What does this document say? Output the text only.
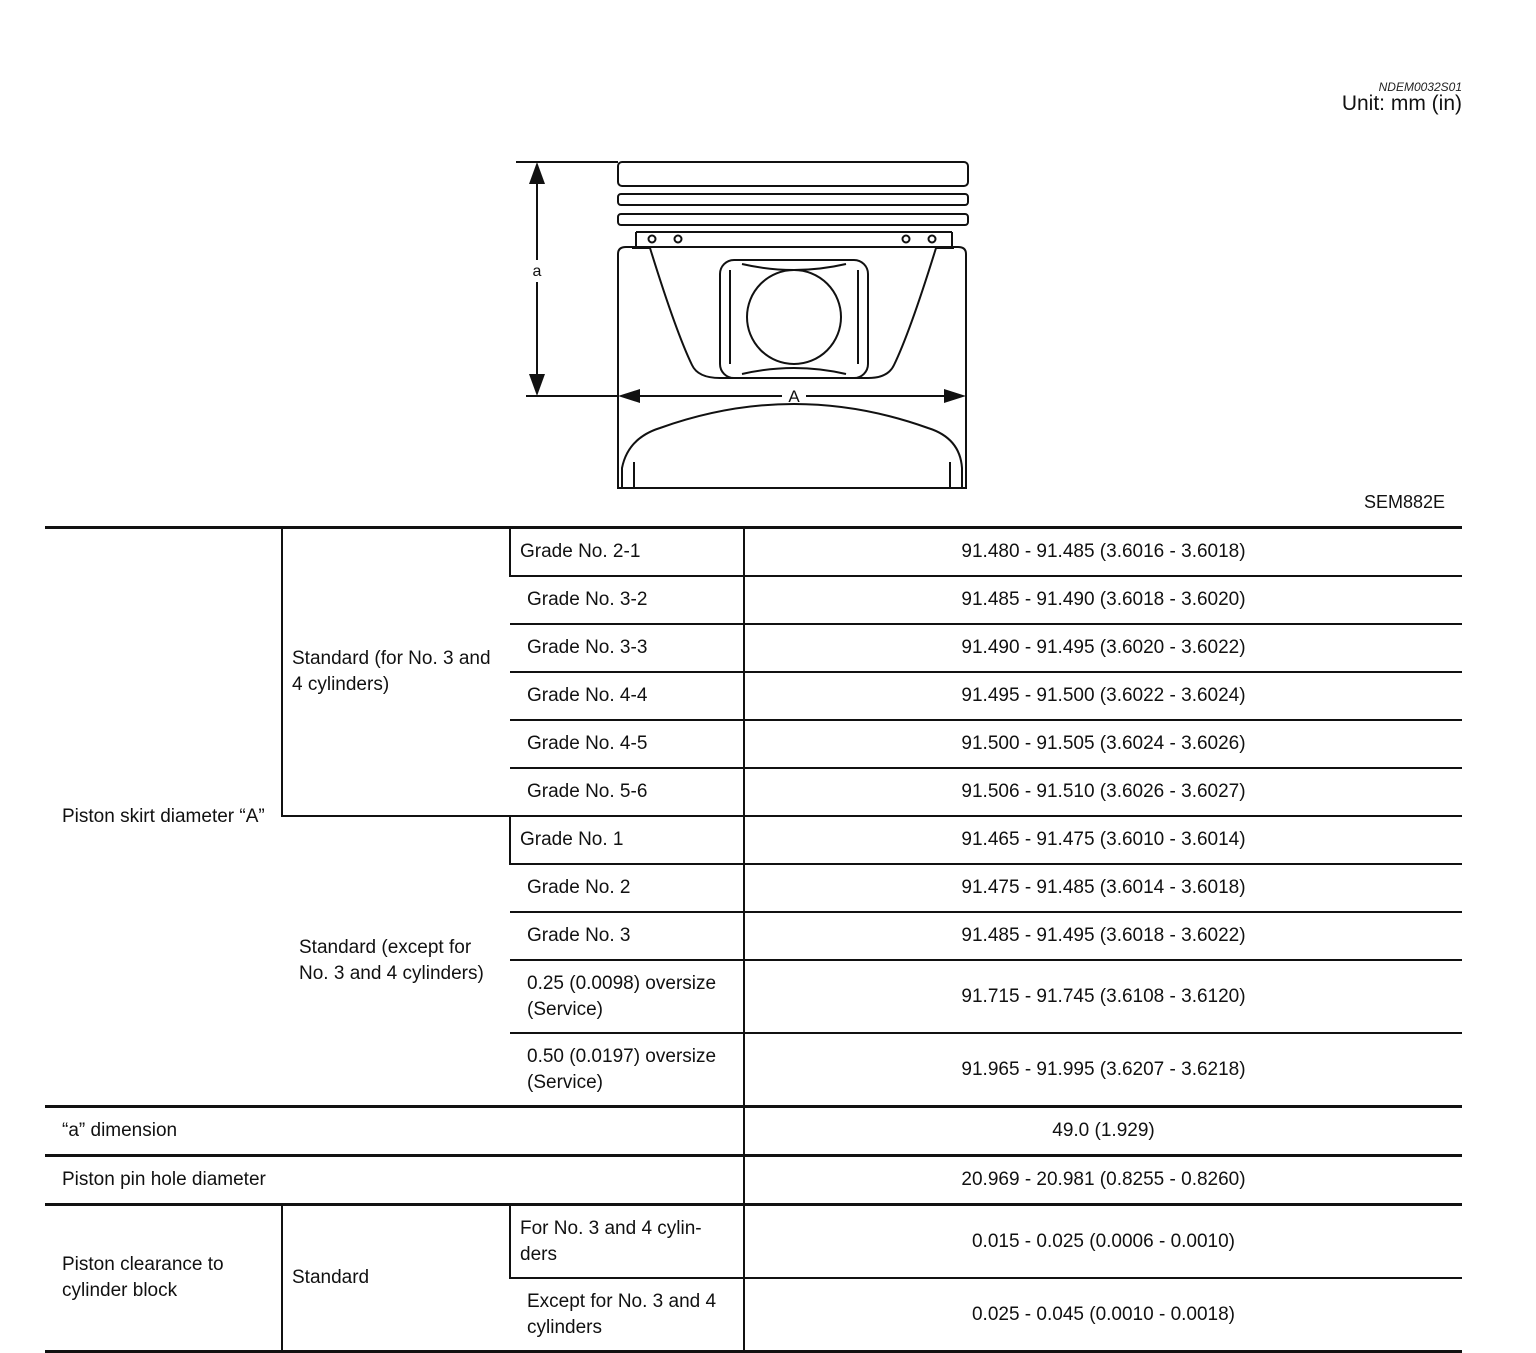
NDEM0032S01
Unit: mm (in)
a
A
SEM882E
Piston skirt diameter “A”	Standard (for No. 3 and 4 cylinders)	Grade No. 2-1	91.480 - 91.485 (3.6016 - 3.6018)
		Grade No. 3-2	91.485 - 91.490 (3.6018 - 3.6020)
		Grade No. 3-3	91.490 - 91.495 (3.6020 - 3.6022)
		Grade No. 4-4	91.495 - 91.500 (3.6022 - 3.6024)
		Grade No. 4-5	91.500 - 91.505 (3.6024 - 3.6026)
		Grade No. 5-6	91.506 - 91.510 (3.6026 - 3.6027)
	Standard (except for No. 3 and 4 cylinders)	Grade No. 1	91.465 - 91.475 (3.6010 - 3.6014)
		Grade No. 2	91.475 - 91.485 (3.6014 - 3.6018)
		Grade No. 3	91.485 - 91.495 (3.6018 - 3.6022)
		0.25 (0.0098) oversize (Service)	91.715 - 91.745 (3.6108 - 3.6120)
		0.50 (0.0197) oversize (Service)	91.965 - 91.995 (3.6207 - 3.6218)
“a” dimension			49.0 (1.929)
Piston pin hole diameter			20.969 - 20.981 (0.8255 - 0.8260)
Piston clearance to cylinder block	Standard	For No. 3 and 4 cylin-ders	0.015 - 0.025 (0.0006 - 0.0010)
		Except for No. 3 and 4 cylinders	0.025 - 0.045 (0.0010 - 0.0018)
